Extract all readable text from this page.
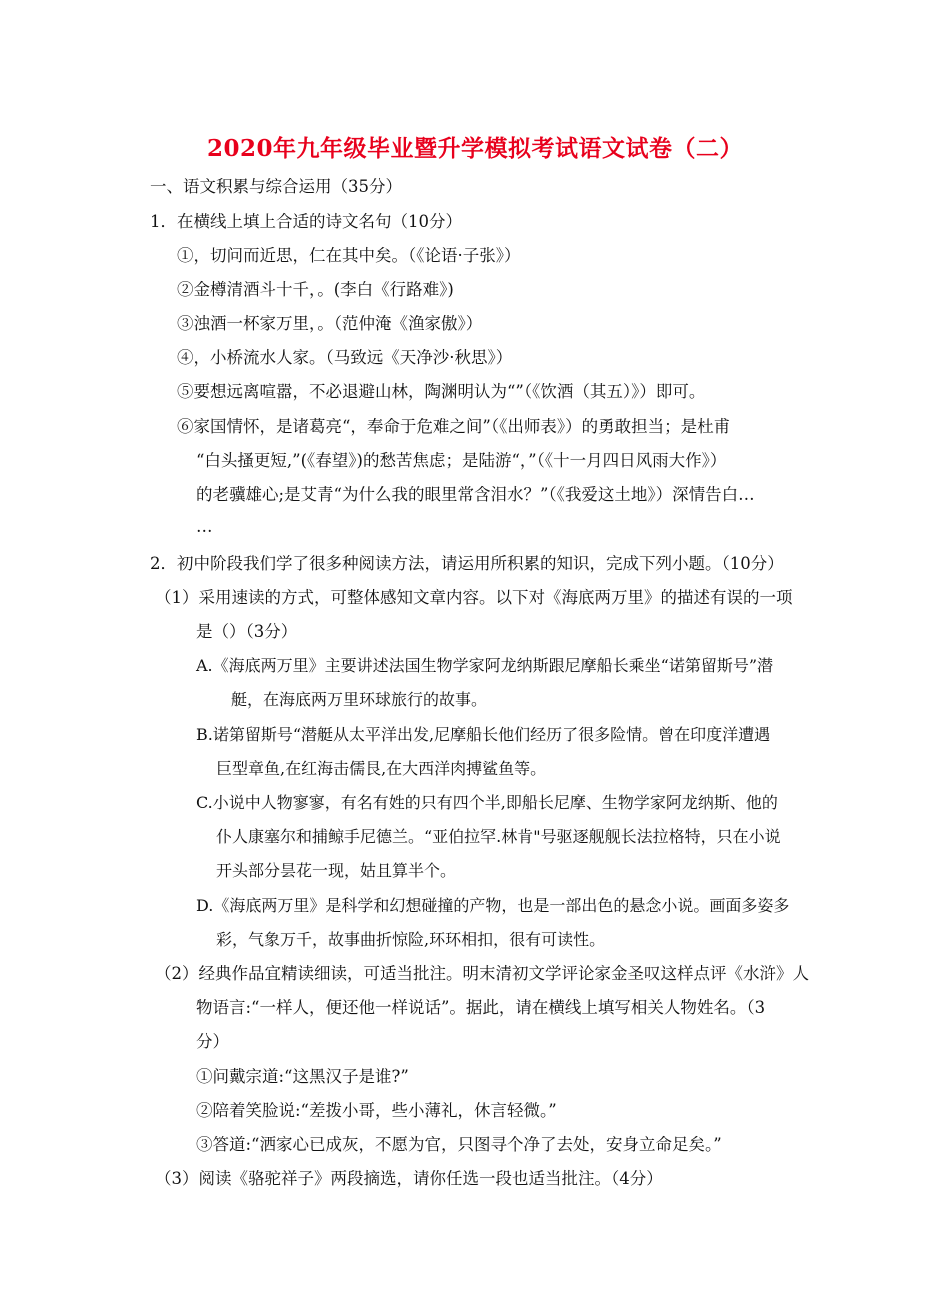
2020年九年级毕业暨升学模拟考试语文试卷（二）
一、语文积累与综合运用（35分）
1．在横线上填上合适的诗文名句（10分）
①，切问而近思，仁在其中矣。（《论语·子张》）
②金樽清酒斗十千，。(李白《行路难》)
③浊酒一杯家万里，。（范仲淹《渔家傲》）
④，小桥流水人家。（马致远《天净沙·秋思》）
⑤要想远离喧嚣，不必退避山林，陶渊明认为“”（《饮酒（其五）》）即可。
⑥家国情怀，是诸葛亮“，奉命于危难之间”（《出师表》）的勇敢担当；是杜甫
“白头搔更短,”(《春望》)的愁苦焦虑；是陆游“，”（《十一月四日风雨大作》）
的老骥雄心;是艾青“为什么我的眼里常含泪水？”（《我爱这土地》）深情告白…
…
2．初中阶段我们学了很多种阅读方法，请运用所积累的知识，完成下列小题。（10分）
（1）采用速读的方式，可整体感知文章内容。以下对《海底两万里》的描述有误的一项
是（）（3分）
A.《海底两万里》主要讲述法国生物学家阿龙纳斯跟尼摩船长乘坐“诺第留斯号”潜
艇，在海底两万里环球旅行的故事。
B.诺第留斯号“潜艇从太平洋出发,尼摩船长他们经历了很多险情。曾在印度洋遭遇
巨型章鱼,在红海击儒艮,在大西洋肉搏鲨鱼等。
C.小说中人物寥寥，有名有姓的只有四个半,即船长尼摩、生物学家阿龙纳斯、他的
仆人康塞尔和捕鲸手尼德兰。“亚伯拉罕.林肯"号驱逐舰舰长法拉格特，只在小说
开头部分昙花一现，姑且算半个。
D.《海底两万里》是科学和幻想碰撞的产物，也是一部出色的悬念小说。画面多姿多
彩，气象万千，故事曲折惊险,环环相扣，很有可读性。
（2）经典作品宜精读细读，可适当批注。明末清初文学评论家金圣叹这样点评《水浒》人
物语言:“一样人，便还他一样说话”。据此，请在横线上填写相关人物姓名。（3
分）
①问戴宗道:“这黑汉子是谁?”
②陪着笑脸说:“差拨小哥，些小薄礼，休言轻微。”
③答道:“洒家心已成灰，不愿为官，只图寻个净了去处，安身立命足矣。”
（3）阅读《骆驼祥子》两段摘选，请你任选一段也适当批注。（4分）
